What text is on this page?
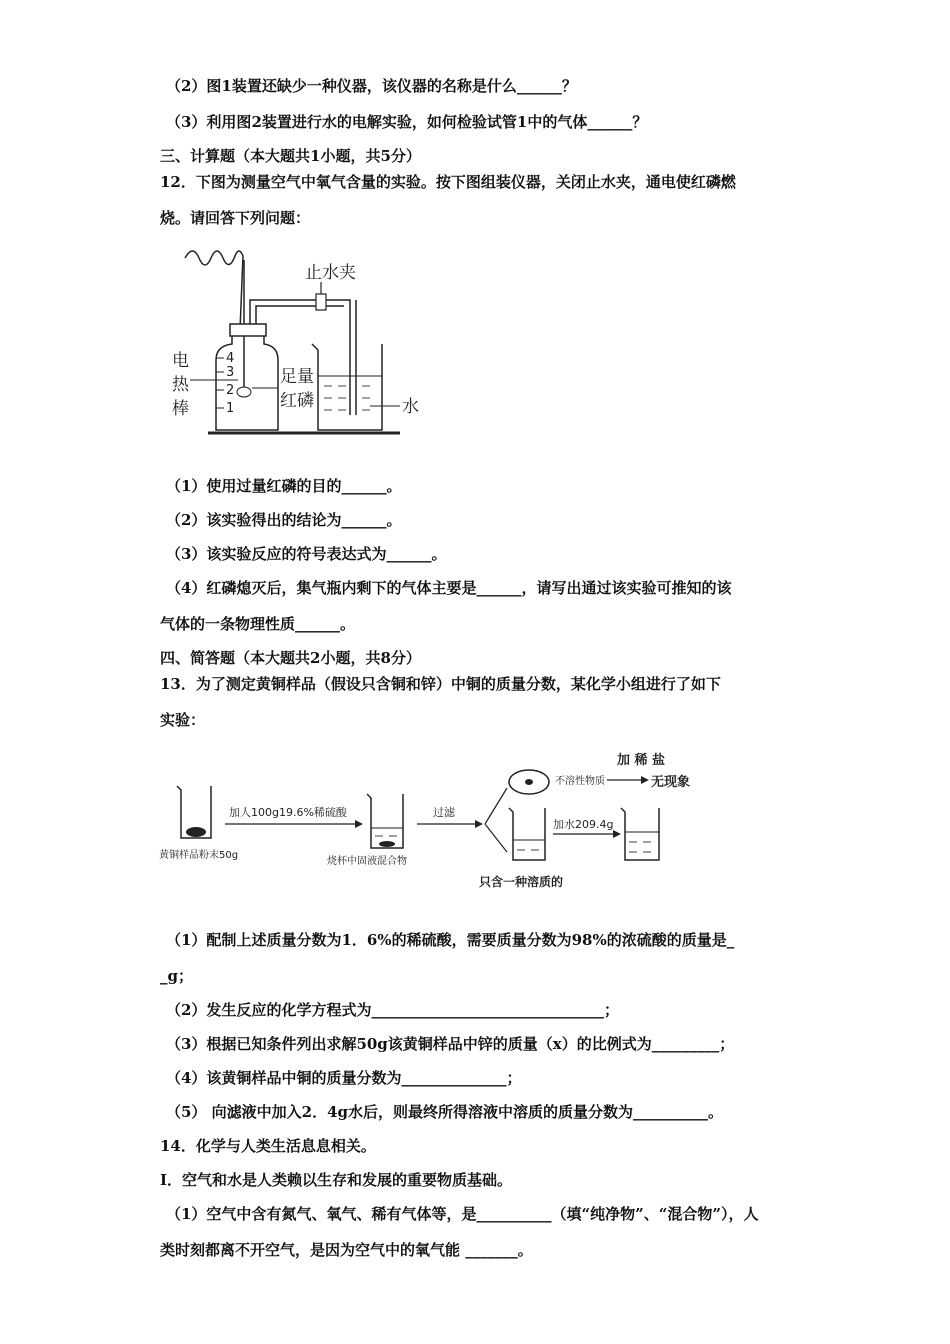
（2）图1装置还缺少一种仪器，该仪器的名称是什么______？
（3）利用图2装置进行水的电解实验，如何检验试管1中的气体______？
三、计算题（本大题共1小题，共5分）
12．下图为测量空气中氧气含量的实验。按下图组装仪器，关闭止水夹，通电使红磷燃
烧。请回答下列问题：
止水夹
4
3
2
1
电
热
棒
足量
红磷	水
（1）使用过量红磷的目的______。
（2）该实验得出的结论为______。
（3）该实验反应的符号表达式为______。
（4）红磷熄灭后，集气瓶内剩下的气体主要是______，请写出通过该实验可推知的该
气体的一条物理性质______。
四、简答题（本大题共2小题，共8分）
13．为了测定黄铜样品（假设只含铜和锌）中铜的质量分数，某化学小组进行了如下
实验：
黄铜样品粉末50g
加人100g19.6%稀硫酸
烧杯中固液混合物
过滤
不溶性物质
加 稀 盐
无现象
加水209.4g
只含一种溶质的
（1）配制上述质量分数为1．6%的稀硫酸，需要质量分数为98%的浓硫酸的质量是_
_g；
（2）发生反应的化学方程式为_______________________________；
（3）根据已知条件列出求解50g该黄铜样品中锌的质量（x）的比例式为_________；
（4）该黄铜样品中铜的质量分数为______________；
（5） 向滤液中加入2．4g水后，则最终所得溶液中溶质的质量分数为__________。
14．化学与人类生活息息相关。
I．空气和水是人类赖以生存和发展的重要物质基础。
（1）空气中含有氮气、氧气、稀有气体等，是__________（填“纯净物”、“混合物”），人
类时刻都离不开空气，是因为空气中的氧气能 _______。
